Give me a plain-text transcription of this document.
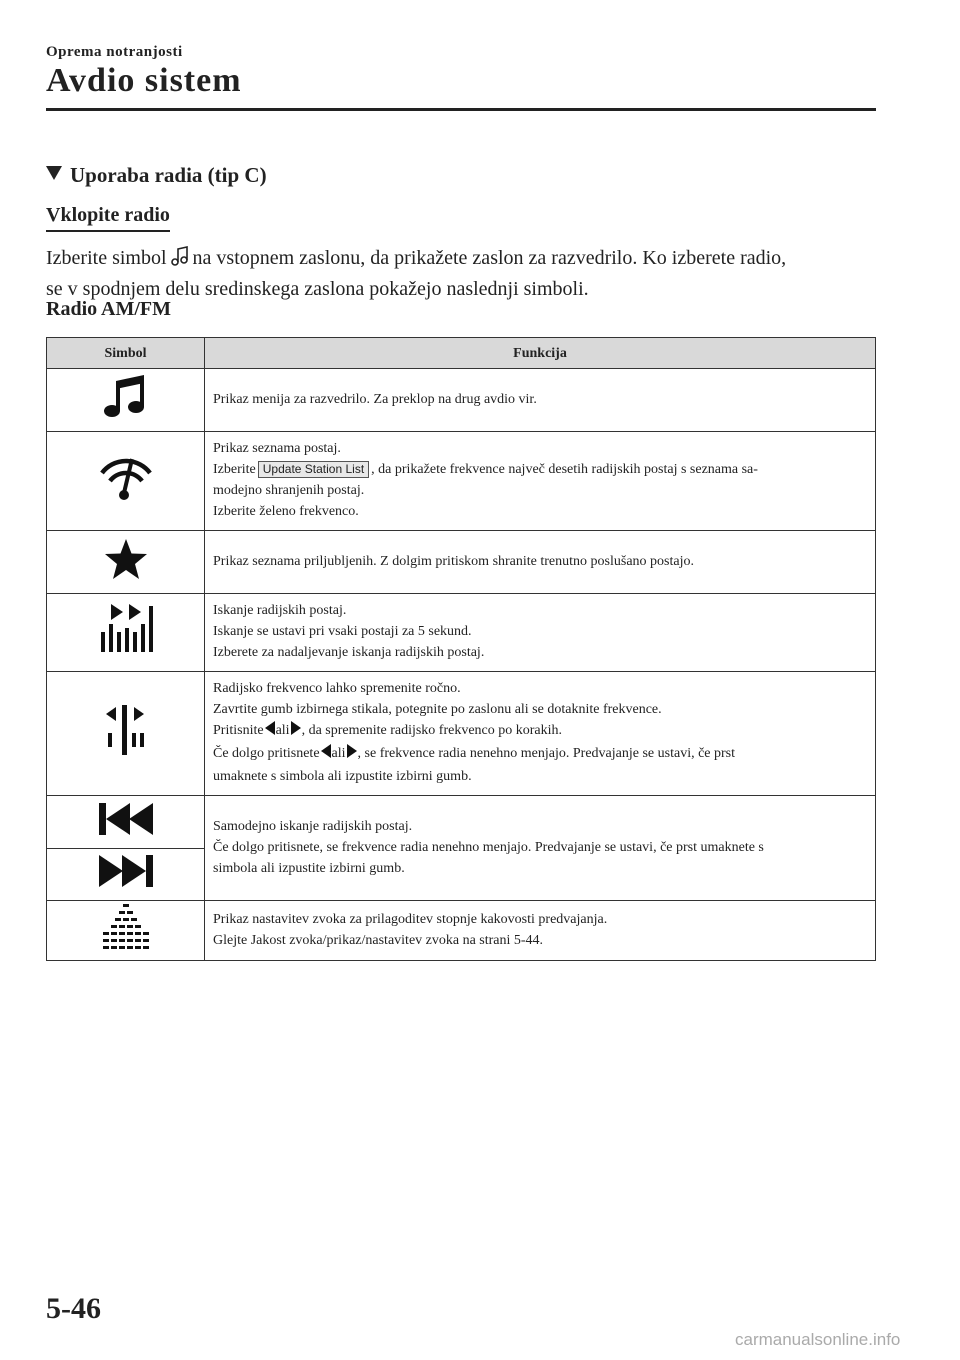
Oprema notranjosti
Avdio sistem
Uporaba radia (tip C)
Vklopite radio
Izberite simbol na vstopnem zaslonu, da prikažete zaslon za razvedrilo. Ko izberete radio,
se v spodnjem delu sredinskega zaslona pokažejo naslednji simboli.
Radio AM/FM
Simbol	Funkcija

Prikaz menija za razvedrilo. Za preklop na drug avdio vir.

Prikaz seznama postaj.
Izberite Update Station List , da prikažete frekvence največ desetih radijskih postaj s seznama sa-
modejno shranjenih postaj.
Izberite želeno frekvenco.

Prikaz seznama priljubljenih. Z dolgim pritiskom shranite trenutno poslušano postajo.

Iskanje radijskih postaj.
Iskanje se ustavi pri vsaki postaji za 5 sekund.
Izberete za nadaljevanje iskanja radijskih postaj.

Radijsko frekvenco lahko spremenite ročno.
Zavrtite gumb izbirnega stikala, potegnite po zaslonu ali se dotaknite frekvence.
Pritisnite ali , da spremenite radijsko frekvenco po korakih.
Če dolgo pritisnete ali , se frekvence radia nenehno menjajo. Predvajanje se ustavi, če prst
umaknete s simbola ali izpustite izbirni gumb.

Samodejno iskanje radijskih postaj.
Če dolgo pritisnete, se frekvence radia nenehno menjajo. Predvajanje se ustavi, če prst umaknete s
simbola ali izpustite izbirni gumb.

Prikaz nastavitev zvoka za prilagoditev stopnje kakovosti predvajanja.
Glejte Jakost zvoka/prikaz/nastavitev zvoka na strani 5-44.
5-46
carmanualsonline.info
